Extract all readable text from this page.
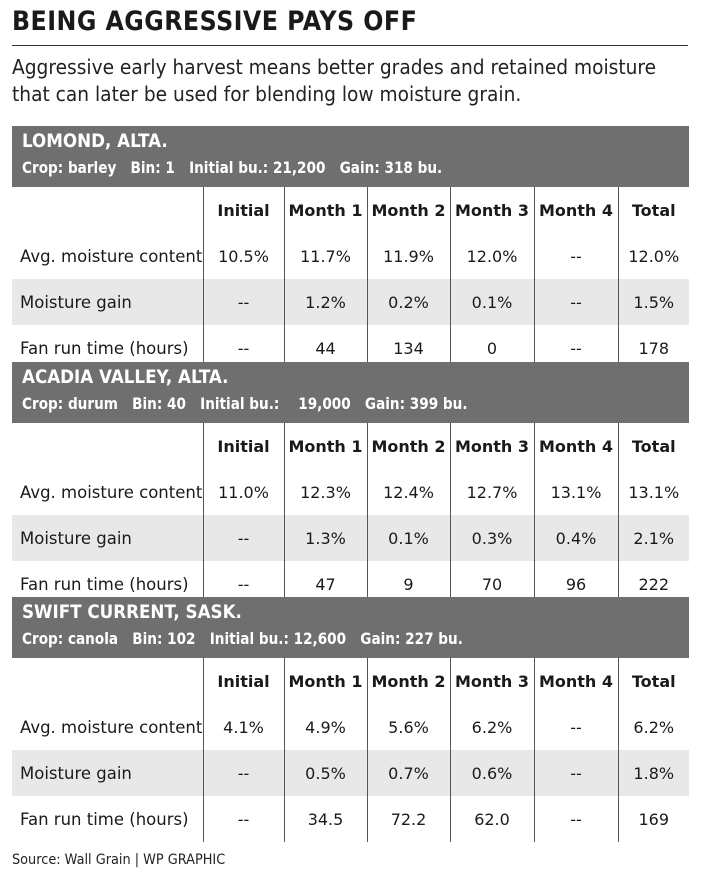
BEING AGGRESSIVE PAYS OFF
Aggressive early harvest means better grades and retained moisture that can later be used for blending low moisture grain.
LOMOND, ALTA.
Crop: barley   Bin: 1   Initial bu.: 21,200   Gain: 318 bu.
	Initial	Month 1	Month 2	Month 3	Month 4	Total
Avg. moisture content	10.5%	11.7%	11.9%	12.0%	--	12.0%
Moisture gain	--	1.2%	0.2%	0.1%	--	1.5%
Fan run time (hours)	--	44	134	0	--	178
ACADIA VALLEY, ALTA.
Crop: durum   Bin: 40   Initial bu.:    19,000   Gain: 399 bu.
	Initial	Month 1	Month 2	Month 3	Month 4	Total
Avg. moisture content	11.0%	12.3%	12.4%	12.7%	13.1%	13.1%
Moisture gain	--	1.3%	0.1%	0.3%	0.4%	2.1%
Fan run time (hours)	--	47	9	70	96	222
SWIFT CURRENT, SASK.
Crop: canola   Bin: 102   Initial bu.: 12,600   Gain: 227 bu.
	Initial	Month 1	Month 2	Month 3	Month 4	Total
Avg. moisture content	4.1%	4.9%	5.6%	6.2%	--	6.2%
Moisture gain	--	0.5%	0.7%	0.6%	--	1.8%
Fan run time (hours)	--	34.5	72.2	62.0	--	169
Source: Wall Grain | WP GRAPHIC
